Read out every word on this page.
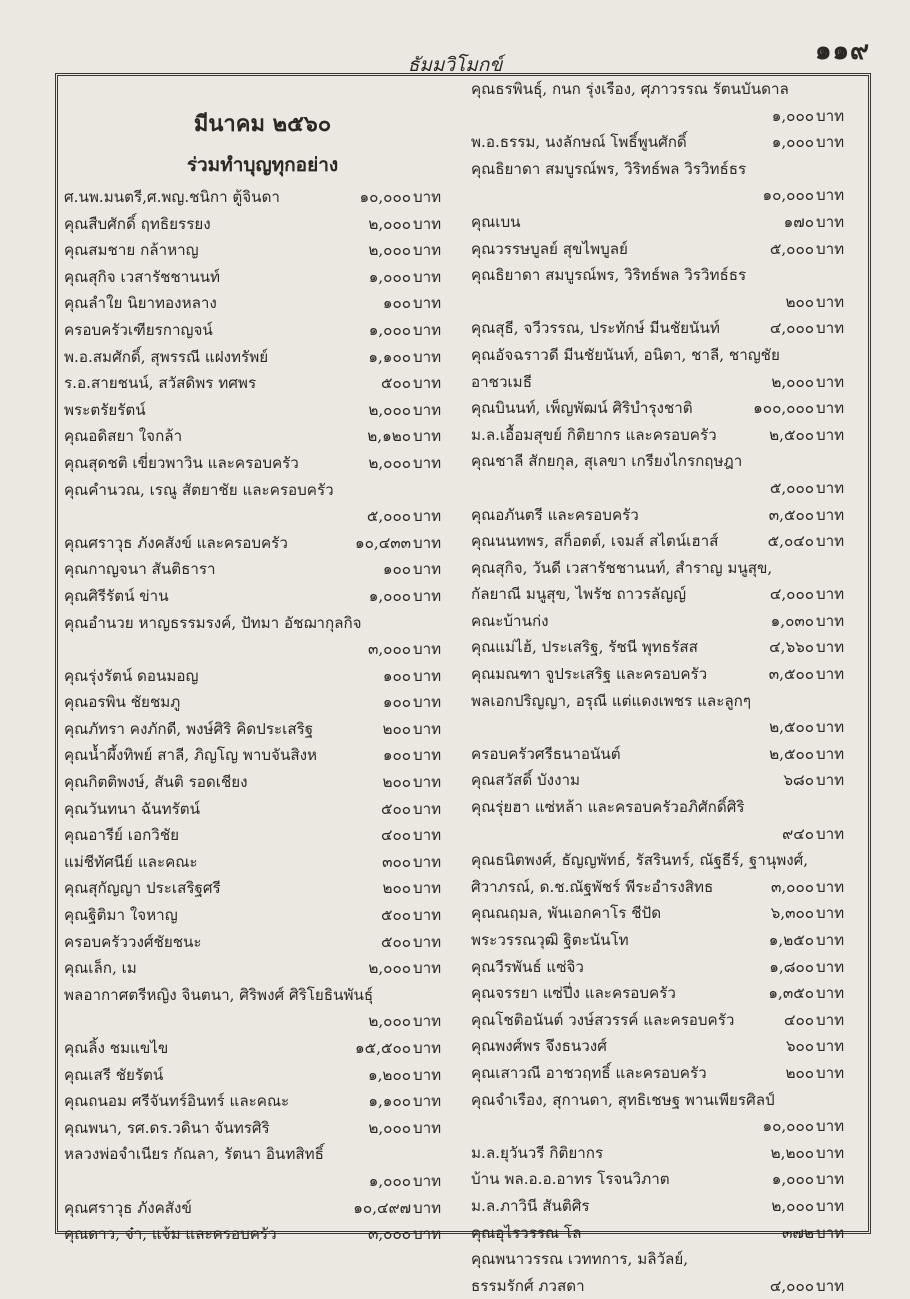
๑๑๙
ธัมมวิโมกข์
มีนาคม ๒๕๖๐
ร่วมทำบุญทุกอย่าง
ศ.นพ.มนตรี,ศ.พญ.ชนิกา ตู้จินดา	๑๐,๐๐๐ บาท
คุณสืบศักดิ์ ฤทธิยรรยง	๒,๐๐๐ บาท
คุณสมชาย กล้าหาญ	๒,๐๐๐ บาท
คุณสุกิจ เวสารัชชานนท์	๑,๐๐๐ บาท
คุณลำใย นิยาทองหลาง	๑๐๐ บาท
ครอบครัวเฑียรกาญจน์	๑,๐๐๐ บาท
พ.อ.สมศักดิ์, สุพรรณี แฝงทรัพย์	๑,๑๐๐ บาท
ร.อ.สายชนน์, สวัสดิพร ทศพร	๕๐๐ บาท
พระตรัยรัตน์	๒,๐๐๐ บาท
คุณอดิสยา ใจกล้า	๒,๑๒๐ บาท
คุณสุดชติ เขี่ยวพาวิน และครอบครัว	๒,๐๐๐ บาท
คุณคำนวณ, เรณู สัตยาชัย และครอบครัว
๕,๐๐๐ บาท
คุณศราวุธ ภังคสังข์ และครอบครัว	๑๐,๔๓๓ บาท
คุณกาญจนา สันติธารา	๑๐๐ บาท
คุณศิรีรัตน์ ข่าน	๑,๐๐๐ บาท
คุณอำนวย หาญธรรมรงค์, ปัทมา อัชฌากุลกิจ
๓,๐๐๐ บาท
คุณรุ่งรัตน์ ดอนมอญ	๑๐๐ บาท
คุณอรพิน ชัยชมภู	๑๐๐ บาท
คุณภัทรา คงภักดี, พงษ์ศิริ คิดประเสริฐ	๒๐๐ บาท
คุณน้ำผึ้งทิพย์ สาลี, ภิญโญ พาบจันสิงห	๑๐๐ บาท
คุณกิตติพงษ์, สันติ รอดเชียง	๒๐๐ บาท
คุณวันทนา ฉันทรัตน์	๕๐๐ บาท
คุณอารีย์ เอกวิชัย	๔๐๐ บาท
แม่ชีทัศนีย์ และคณะ	๓๐๐ บาท
คุณสุกัญญา ประเสริฐศรี	๒๐๐ บาท
คุณฐิติมา ใจหาญ	๕๐๐ บาท
ครอบครัววงศ์ชัยชนะ	๕๐๐ บาท
คุณเล็ก, เม	๒,๐๐๐ บาท
พลอากาศตรีหญิง จินตนา, ศิริพงศ์ ศิริโยธินพันธุ์
๒,๐๐๐ บาท
คุณลิ้ง ชมแขไข	๑๕,๕๐๐ บาท
คุณเสรี ชัยรัตน์	๑,๒๐๐ บาท
คุณถนอม ศรีจันทร์อินทร์ และคณะ	๑,๑๐๐ บาท
คุณพนา, รศ.ดร.วดินา จันทรศิริ	๒,๐๐๐ บาท
หลวงพ่อจำเนียร กัณลา, รัตนา อินทสิทธิ์
๑,๐๐๐ บาท
คุณศราวุธ ภังคสังข์	๑๐,๔๙๗ บาท
คุณดาว, จ๋า, แจ้ม และครอบครัว	๓,๐๐๐ บาท
คุณธรพินธุ์, กนก รุ่งเรือง, ศุภาวรรณ รัตนบันดาล
๑,๐๐๐ บาท
พ.อ.ธรรม, นงลักษณ์ โพธิ์พูนศักดิ์	๑,๐๐๐ บาท
คุณธิยาดา สมบูรณ์พร, วิริทธ์พล วิรวิทธ์ธร
๑๐,๐๐๐ บาท
คุณเบน	๑๗๐ บาท
คุณวรรษบูลย์ สุขไพบูลย์	๕,๐๐๐ บาท
คุณธิยาดา สมบูรณ์พร, วิริทธ์พล วิรวิทธ์ธร
๒๐๐ บาท
คุณสุธี, จวีวรรณ, ประทักษ์ มีนชัยนันท์	๔,๐๐๐ บาท
คุณอัจฉราวดี มีนชัยนันท์, อนิตา, ชาลี, ชาญชัย
อาชวเมธี	๒,๐๐๐ บาท
คุณบินนท์, เพ็ญพัฒน์ ศิริบำรุงชาติ	๑๐๐,๐๐๐ บาท
ม.ล.เอื้อมสุขย์ กิติยากร และครอบครัว	๒,๕๐๐ บาท
คุณชาลี สักยกุล, สุเลขา เกรียงไกรกฤษฎา
๕,๐๐๐ บาท
คุณอภันตรี และครอบครัว	๓,๕๐๐ บาท
คุณนนทพร, สก็อตต์, เจมส์ สไตน์เฮาส์	๕,๐๔๐ บาท
คุณสุกิจ, วันดี เวสารัชชานนท์, สำราญ มนูสุข,
กัลยาณี มนูสุข, ไพรัช ถาวรลัญญ์	๔,๐๐๐ บาท
คณะบ้านก่ง	๑,๐๓๐ บาท
คุณแม่ไฮ้, ประเสริฐ, รัชนี พุทธรัสส	๔,๖๖๐ บาท
คุณมณฑา จูประเสริฐ และครอบครัว	๓,๕๐๐ บาท
พลเอกปริญญา, อรุณี แต่แดงเพชร และลูกๆ
๒,๕๐๐ บาท
ครอบครัวศรีธนาอนันต์	๒,๕๐๐ บาท
คุณสวัสดิ์ บังงาม	๖๘๐ บาท
คุณรุ่ยฮา แซ่หล้า และครอบครัวอภิศักดิ์ศิริ
๙๔๐ บาท
คุณธนิตพงศ์, ธัญญพัทธ์, รัสรินทร์, ณัฐธีร์, ฐานุพงศ์,
ศิวาภรณ์, ด.ช.ณัฐพัชร์ พีระอำรงสิทธ	๓,๐๐๐ บาท
คุณณฤมล, พันเอกคาโร ชีปัด	๖,๓๐๐ บาท
พระวรรณวุฒิ ฐิตะนันโท	๑,๒๕๐ บาท
คุณวีรพันธ์ แซ่จิว	๑,๘๐๐ บาท
คุณจรรยา แซ่ปึ่ง และครอบครัว	๑,๓๕๐ บาท
คุณโชติอนันต์ วงษ์สวรรค์ และครอบครัว	๔๐๐ บาท
คุณพงศ์พร จึงธนวงศ์	๖๐๐ บาท
คุณเสาวณี อาชวฤทธิ์ และครอบครัว	๒๐๐ บาท
คุณจำเรือง, สุกานดา, สุทธิเชษฐ พานเพียรศิลป์
๑๐,๐๐๐ บาท
ม.ล.ยุวันวรี กิติยากร	๒,๒๐๐ บาท
บ้าน พล.อ.อ.อาทร โรจนวิภาต	๑,๐๐๐ บาท
ม.ล.ภาวินี สันติศิร	๒,๐๐๐ บาท
คุณอุไรวรรณ โล	๓๗๒ บาท
คุณพนาวรรณ เวททการ, มลิวัลย์,
ธรรมรักศ์ ภวสดา	๔,๐๐๐ บาท
